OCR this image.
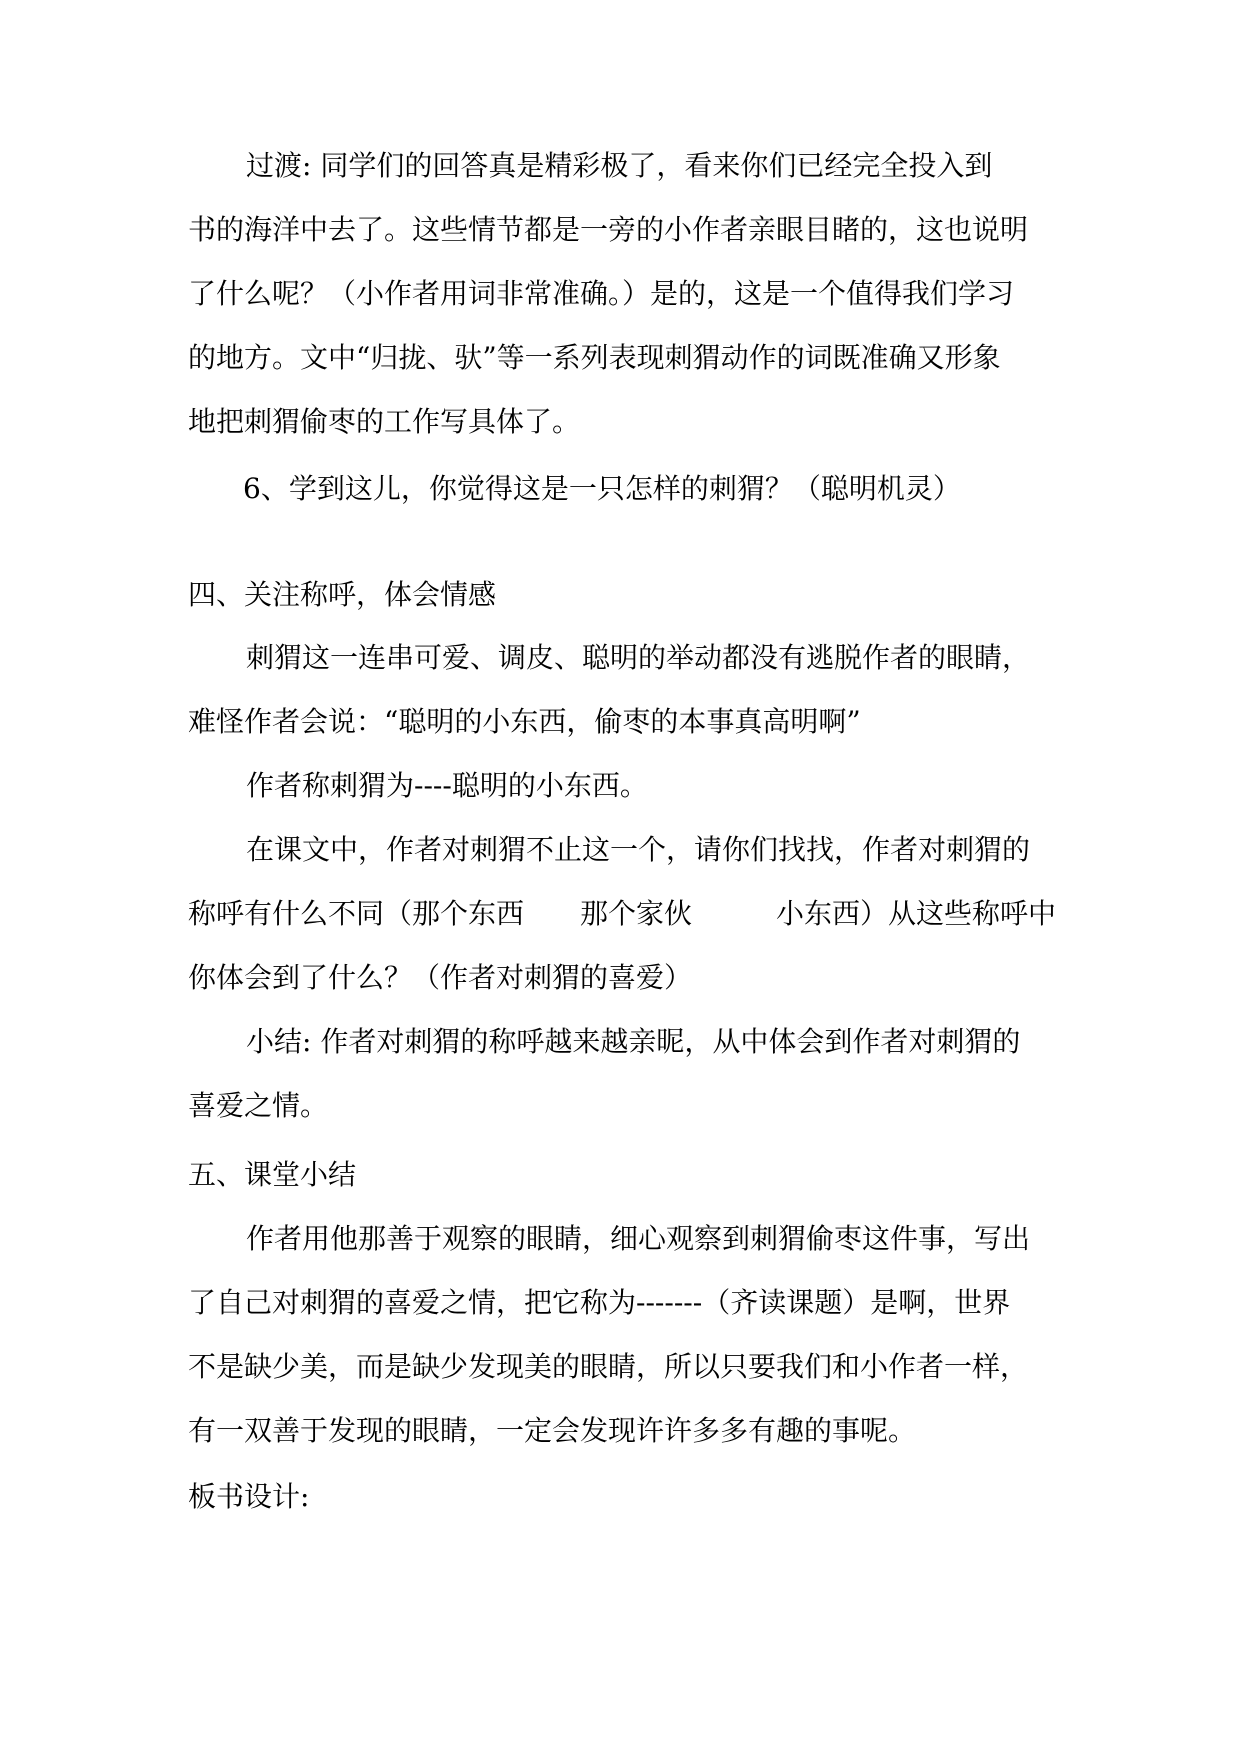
过渡: 同学们的回答真是精彩极了，看来你们已经完全投入到
书的海洋中去了。这些情节都是一旁的小作者亲眼目睹的，这也说明
了什么呢？（小作者用词非常准确。）是的，这是一个值得我们学习
的地方。文中“归拢、驮”等一系列表现刺猬动作的词既准确又形象
地把刺猬偷枣的工作写具体了。
6、学到这儿，你觉得这是一只怎样的刺猬？（聪明机灵）
四、关注称呼，体会情感
刺猬这一连串可爱、调皮、聪明的举动都没有逃脱作者的眼睛，
难怪作者会说：“聪明的小东西，偷枣的本事真高明啊”
作者称刺猬为----聪明的小东西。
在课文中，作者对刺猬不止这一个，请你们找找，作者对刺猬的
称呼有什么不同（那个东西　　那个家伙　　　小东西）从这些称呼中
你体会到了什么？（作者对刺猬的喜爱）
小结: 作者对刺猬的称呼越来越亲昵，从中体会到作者对刺猬的
喜爱之情。
五、课堂小结
作者用他那善于观察的眼睛，细心观察到刺猬偷枣这件事，写出
了自己对刺猬的喜爱之情，把它称为-------（齐读课题）是啊，世界
不是缺少美，而是缺少发现美的眼睛，所以只要我们和小作者一样，
有一双善于发现的眼睛，一定会发现许许多多有趣的事呢。
板书设计:
